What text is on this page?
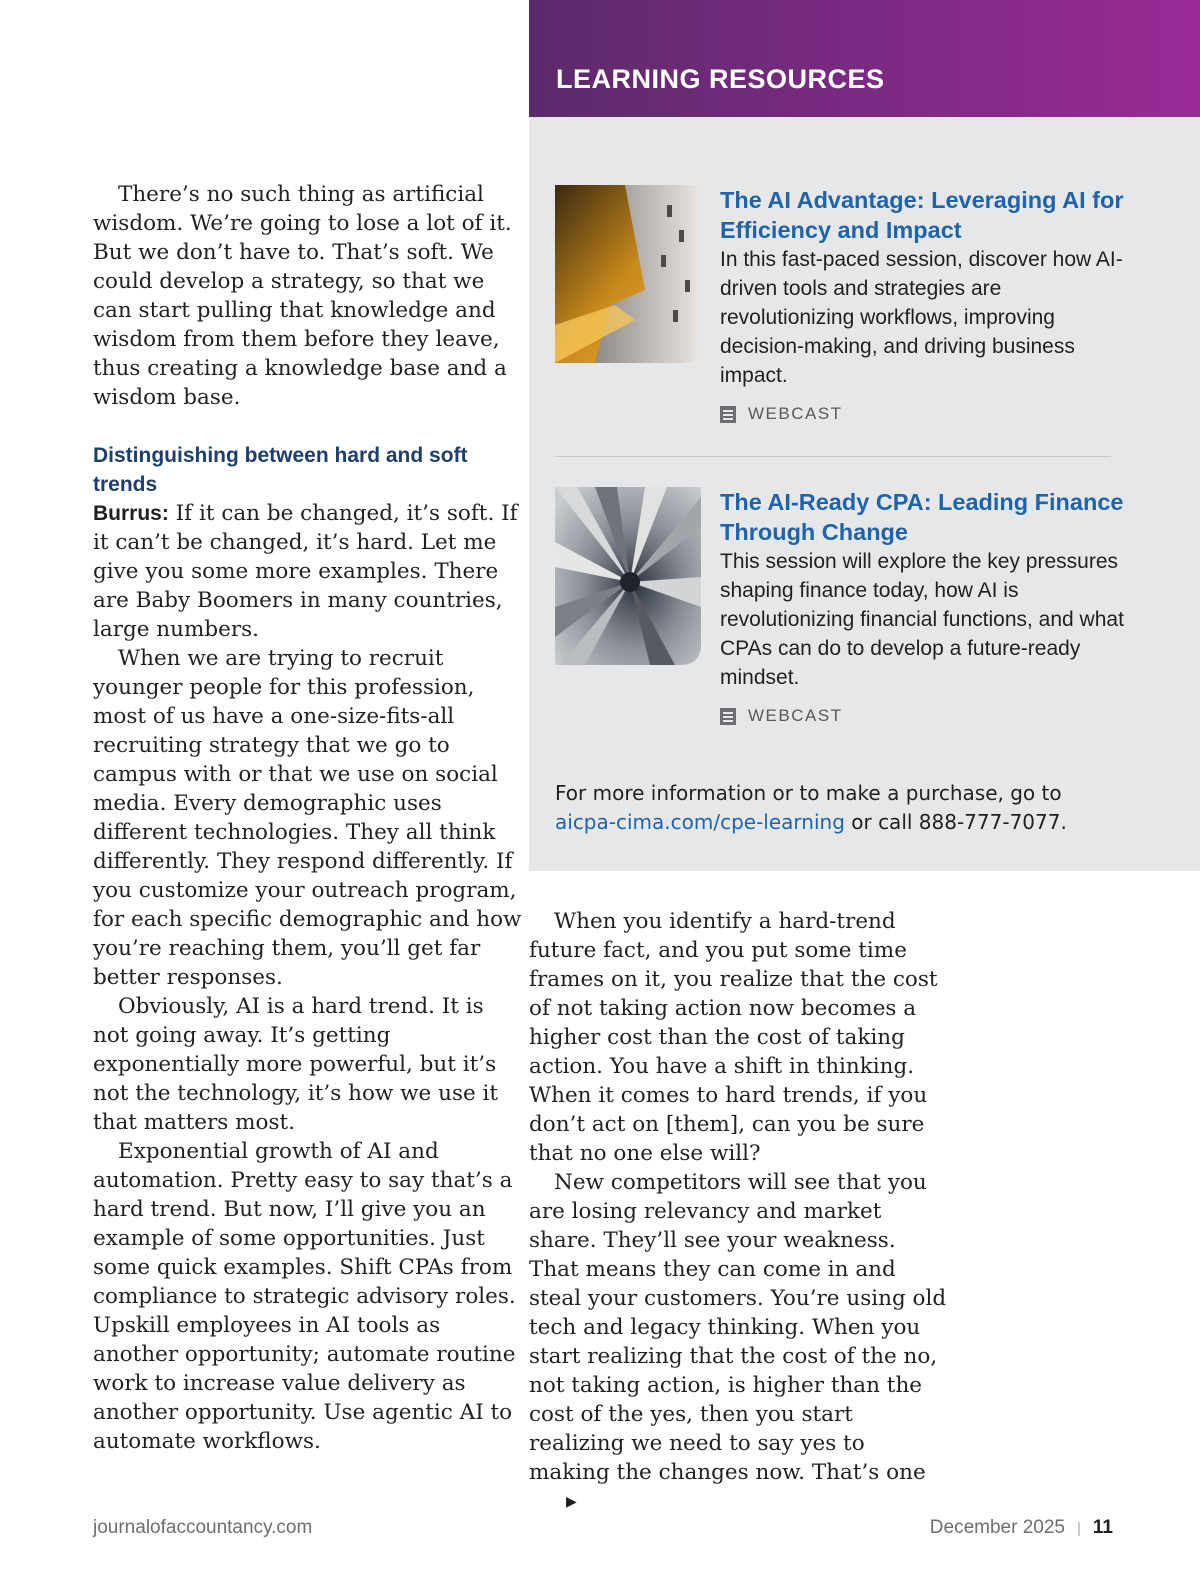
LEARNING RESOURCES

The AI Advantage: Leveraging AI for Efficiency and Impact

In this fast-paced session, discover how AI-driven tools and strategies are revolutionizing workflows, improving decision-making, and driving business impact.

WEBCAST

The AI-Ready CPA: Leading Finance Through Change

This session will explore the key pressures shaping finance today, how AI is revolutionizing financial functions, and what CPAs can do to develop a future-ready mindset.

WEBCAST

For more information or to make a purchase, go to
aicpa-cima.com/cpe-learning or call 888-777-7077.

There’s no such thing as artificial wisdom. We’re going to lose a lot of it. But we don’t have to. That’s soft. We could develop a strategy, so that we can start pulling that knowledge and wisdom from them before they leave, thus creating a knowledge base and a wisdom base.

Distinguishing between hard and soft trends

Burrus: If it can be changed, it’s soft. If it can’t be changed, it’s hard. Let me give you some more examples. There are Baby Boomers in many countries, large numbers.

When we are trying to recruit younger people for this profession, most of us have a one-size-fits-all recruiting strategy that we go to campus with or that we use on social media. Every demographic uses different technologies. They all think differently. They respond differently. If you customize your outreach program, for each specific demographic and how you’re reaching them, you’ll get far better responses.

Obviously, AI is a hard trend. It is not going away. It’s getting exponentially more powerful, but it’s not the technology, it’s how we use it that matters most.

Exponential growth of AI and automation. Pretty easy to say that’s a hard trend. But now, I’ll give you an example of some opportunities. Just some quick examples. Shift CPAs from compliance to strategic advisory roles. Upskill employees in AI tools as another opportunity; automate routine work to increase value delivery as another opportunity. Use agentic AI to automate workflows.

When you identify a hard-trend future fact, and you put some time frames on it, you realize that the cost of not taking action now becomes a higher cost than the cost of taking action. You have a shift in thinking. When it comes to hard trends, if you don’t act on [them], can you be sure that no one else will?

New competitors will see that you are losing relevancy and market share. They’ll see your weakness. That means they can come in and steal your customers. You’re using old tech and legacy thinking. When you start realizing that the cost of the no, not taking action, is higher than the cost of the yes, then you start realizing we need to say yes to making the changes now. That’s one▶

journalofaccountancy.com	December 2025 | 11
